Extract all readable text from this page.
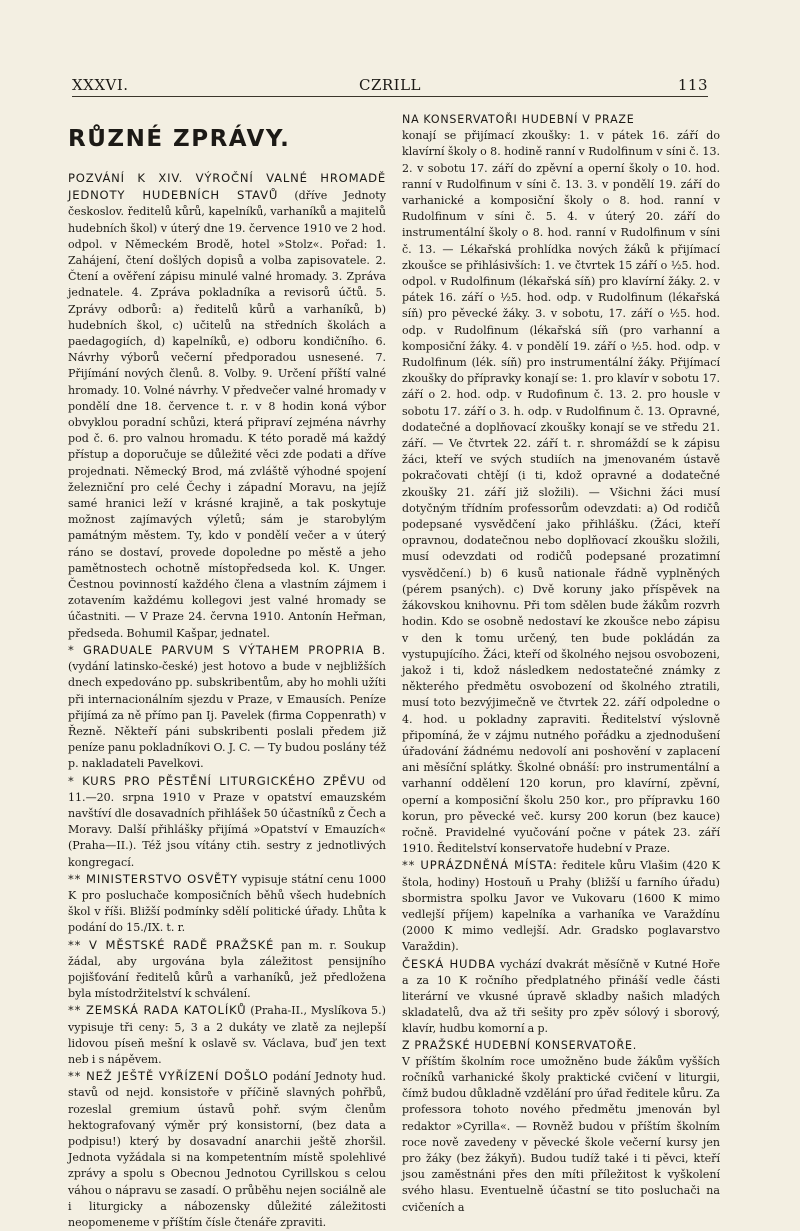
XXXVI.	CZRILL	113
RŮZNÉ ZPRÁVY.

POZVÁNÍ K XIV. VÝROČNÍ VALNÉ HROMADĚ JEDNOTY HUDEBNÍCH STAVŮ (dříve Jednoty českoslov. ředitelů kůrů, kapelníků, varhaníků a majitelů hudebních škol) v úterý dne 19. července 1910 ve 2 hod. odpol. v Německém Brodě, hotel »Stolz«. Pořad: 1. Zahájení, čtení došlých dopisů a volba zapisovatele. 2. Čtení a ověření zápisu minulé valné hromady. 3. Zpráva jednatele. 4. Zpráva pokladníka a revisorů účtů. 5. Zprávy odborů: a) ředitelů kůrů a varhaníků, b) hudebních škol, c) učitelů na středních školách a paedagogiích, d) kapelníků, e) odboru kondičního. 6. Návrhy výborů večerní předporadou usnesené. 7. Přijímání nových členů. 8. Volby. 9. Určení příští valné hromady. 10. Volné návrhy. V předvečer valné hromady v pondělí dne 18. července t. r. v 8 hodin koná výbor obvyklou poradní schůzi, která připraví zejména návrhy pod č. 6. pro valnou hromadu. K této poradě má každý přístup a doporučuje se důležité věci zde podati a dříve projednati. Německý Brod, má zvláště výhodné spojení železniční pro celé Čechy i západní Moravu, na jejíž samé hranici leží v krásné krajině, a tak poskytuje možnost zajímavých výletů; sám je starobylým památným městem. Ty, kdo v pondělí večer a v úterý ráno se dostaví, provede dopoledne po městě a jeho pamětnostech ochotně místopředseda kol. K. Unger. Čestnou povinností každého člena a vlastním zájmem i zotavením každému kollegovi jest valné hromady se účastniti. — V Praze 24. června 1910. Antonín Heřman, předseda. Bohumil Kašpar, jednatel.

* GRADUALE PARVUM S VÝTAHEM PROPRIA B. (vydání latinsko-české) jest hotovo a bude v nejbližších dnech expedováno pp. subskribentům, aby ho mohli užíti při internacionálním sjezdu v Praze, v Emausích. Peníze přijímá za ně přímo pan Ij. Pavelek (firma Coppenrath) v Řezně. Někteří páni subskribenti poslali předem již peníze panu pokladníkovi O. J. C. — Ty budou poslány též p. nakladateli Pavelkovi.

* KURS PRO PĚSTĚNÍ LITURGICKÉHO ZPĚVU od 11.—20. srpna 1910 v Praze v opatství emauzském navštíví dle dosavadních přihlášek 50 účastníků z Čech a Moravy. Další přihlášky přijímá »Opatství v Emauzích« (Praha—II.). Též jsou vítány ctih. sestry z jednotlivých kongregací.

** MINISTERSTVO OSVĚTY vypisuje státní cenu 1000 K pro posluchače komposičních běhů všech hudebních škol v říši. Bližší podmínky sdělí politické úřady. Lhůta k podání do 15./IX. t. r.

** V MĚSTSKÉ RADĚ PRAŽSKÉ pan m. r. Soukup žádal, aby urgována byla záležitost pensijního pojišťování ředitelů kůrů a varhaníků, jež předložena byla místodržitelství k schválení.

** ZEMSKÁ RADA KATOLÍKŮ (Praha-II., Myslíkova 5.) vypisuje tři ceny: 5, 3 a 2 dukáty ve zlatě za nejlepší lidovou píseň mešní k oslavě sv. Václava, buď jen text neb i s nápěvem.

** NEŽ JEŠTĚ VYŘÍZENÍ DOŠLO podání Jednoty hud. stavů od nejd. konsistoře v příčině slavných pohřbů, rozeslal gremium ústavů pohř. svým členům hektografovaný výměr prý konsistorní, (bez data a podpisu!) který by dosavadní anarchii ještě zhoršil. Jednota vyžádala si na kompetentním místě spolehlivé zprávy a spolu s Obecnou Jednotou Cyrillskou s celou váhou o nápravu se zasadí. O průběhu nejen sociálně ale i liturgicky a nábozensky důležité záležitosti neopomeneme v příštím čísle čtenáře zpraviti.

NA KONSERVATOŘI HUDEBNÍ V PRAZE

konají se přijímací zkoušky: 1. v pátek 16. září do klavírní školy o 8. hodině ranní v Rudolfinum v síni č. 13. 2. v sobotu 17. září do zpěvní a operní školy o 10. hod. ranní v Rudolfinum v síni č. 13. 3. v pondělí 19. září do varhanické a komposiční školy o 8. hod. ranní v Rudolfinum v síni č. 5. 4. v úterý 20. září do instrumentální školy o 8. hod. ranní v Rudolfinum v síni č. 13. — Lékařská prohlídka nových žáků k přijímací zkoušce se přihlásivších: 1. ve čtvrtek 15 září o ½5. hod. odpol. v Rudolfinum (lékařská síň) pro klavírní žáky. 2. v pátek 16. září o ½5. hod. odp. v Rudolfinum (lékařská síň) pro pěvecké žáky. 3. v sobotu, 17. září o ½5. hod. odp. v Rudolfinum (lékařská síň (pro varhanní a komposiční žáky. 4. v pondělí 19. září o ½5. hod. odp. v Rudolfinum (lék. síň) pro instrumentální žáky. Přijímací zkoušky do přípravky konají se: 1. pro klavír v sobotu 17. září o 2. hod. odp. v Rudofinum č. 13. 2. pro housle v sobotu 17. září o 3. h. odp. v Rudolfinum č. 13. Opravné, dodatečné a doplňovací zkoušky konají se ve středu 21. září. — Ve čtvrtek 22. září t. r. shromáždí se k zápisu žáci, kteří ve svých studiích na jmenovaném ústavě pokračovati chtějí (i ti, kdož opravné a dodatečné zkoušky 21. září již složili). — Všichni žáci musí dotyčným třídním professorům odevzdati: a) Od rodičů podepsané vysvědčení jako přihlášku. (Žáci, kteří opravnou, dodatečnou nebo doplňovací zkoušku složili, musí odevzdati od rodičů podepsané prozatimní vysvědčení.) b) 6 kusů nationale řádně vyplněných (pérem psaných). c) Dvě koruny jako příspěvek na žákovskou knihovnu. Při tom sdělen bude žákům rozvrh hodin. Kdo se osobně nedostaví ke zkoušce nebo zápisu v den k tomu určený, ten bude pokládán za vystupujícího. Žáci, kteří od školného nejsou osvobozeni, jakož i ti, kdož následkem nedostatečné známky z některého předmětu osvobození od školného ztratili, musí toto bezvýjimečně ve čtvrtek 22. září odpoledne o 4. hod. u pokladny zapraviti. Ředitelství výslovně připomíná, že v zájmu nutného pořádku a zjednodušení úřadování žádnému nedovolí ani poshovění v zaplacení ani měsíční splátky. Školné obnáší: pro instrumentální a varhanní oddělení 120 korun, pro klavírní, zpěvní, operní a komposiční školu 250 kor., pro přípravku 160 korun, pro pěvecké več. kursy 200 korun (bez kauce) ročně. Pravidelné vyučování počne v pátek 23. září 1910. Ředitelství konservatoře hudební v Praze.

** UPRÁZDNĚNÁ MÍSTA: ředitele kůru Vlašim (420 K štola, hodiny) Hostouň u Prahy (bližší u farního úřadu) sbormistra spolku Javor ve Vukovaru (1600 K mimo vedlejší příjem) kapelníka a varhaníka ve Varaždínu (2000 K mimo vedlejší. Adr. Gradsko poglavarstvo Varaždin).

ČESKÁ HUDBA vychází dvakrát měsíčně v Kutné Hoře a za 10 K ročního předplatného přináší vedle části literární ve vkusné úpravě skladby našich mladých skladatelů, dva až tři sešity pro zpěv sólový i sborový, klavír, hudbu komorní a p.

Z PRAŽSKÉ HUDEBNÍ KONSERVATOŘE.

V příštím školním roce umožněno bude žákům vyšších ročníků varhanické školy praktické cvičení v liturgii, čímž budou důkladně vzdělání pro úřad ředitele kůru. Za professora tohoto nového předmětu jmenován byl redaktor »Cyrilla«. — Rovněž budou v příštím školním roce nově zavedeny v pěvecké škole večerní kursy jen pro žáky (bez žákyň). Budou tudíž také i ti pěvci, kteří jsou zaměstnáni přes den míti příležitost k vyškolení svého hlasu. Eventuelně účastní se tito posluchači na cvičeních a
